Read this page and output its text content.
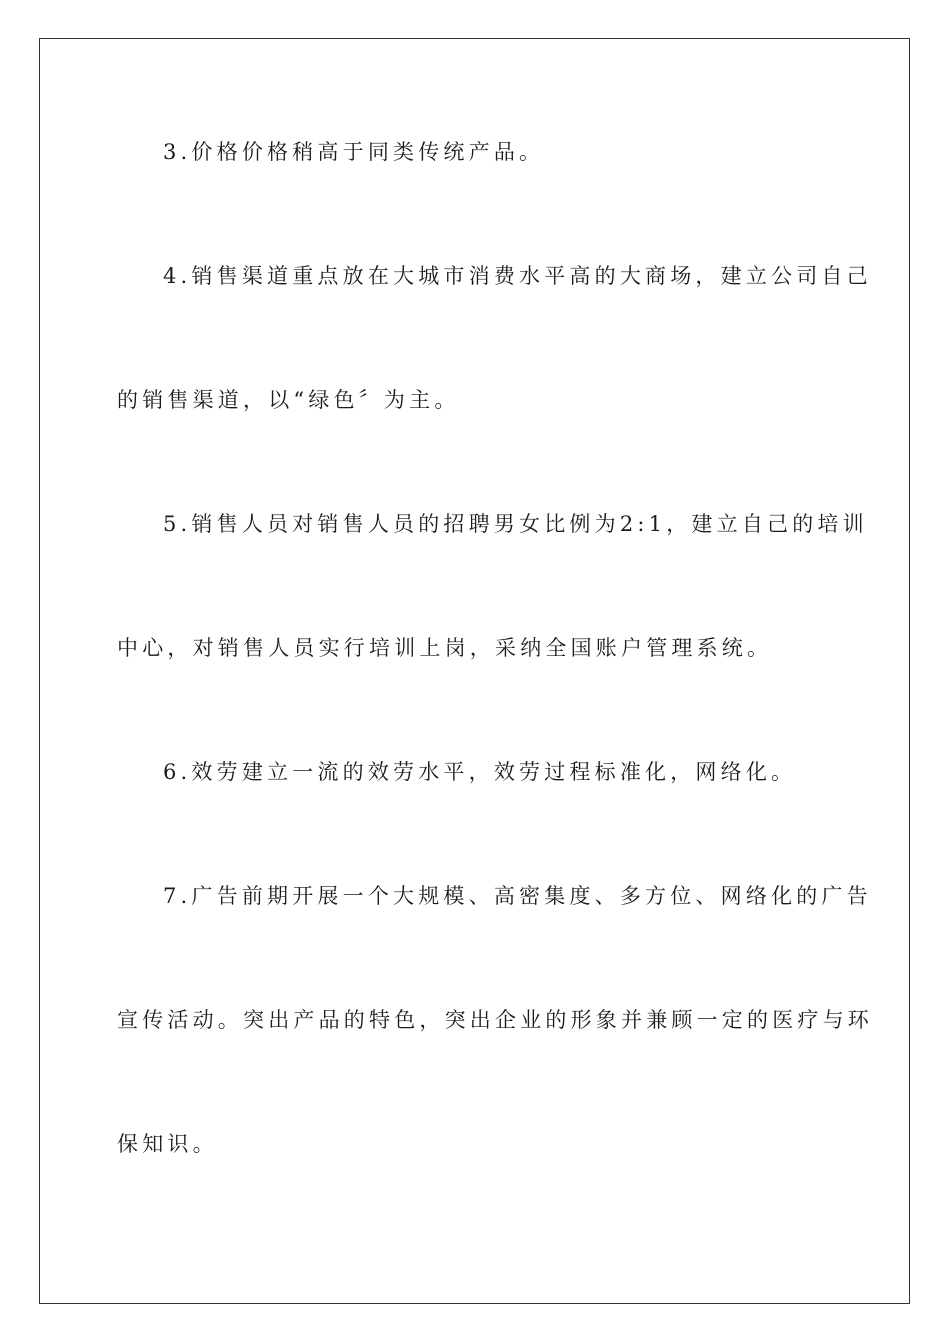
3.价格价格稍高于同类传统产品。
4.销售渠道重点放在大城市消费水平高的大商场，建立公司自己
的销售渠道，以“绿色〞为主。
5.销售人员对销售人员的招聘男女比例为2:1，建立自己的培训
中心，对销售人员实行培训上岗，采纳全国账户管理系统。
6.效劳建立一流的效劳水平，效劳过程标准化，网络化。
7.广告前期开展一个大规模、高密集度、多方位、网络化的广告
宣传活动。突出产品的特色，突出企业的形象并兼顾一定的医疗与环
保知识。
